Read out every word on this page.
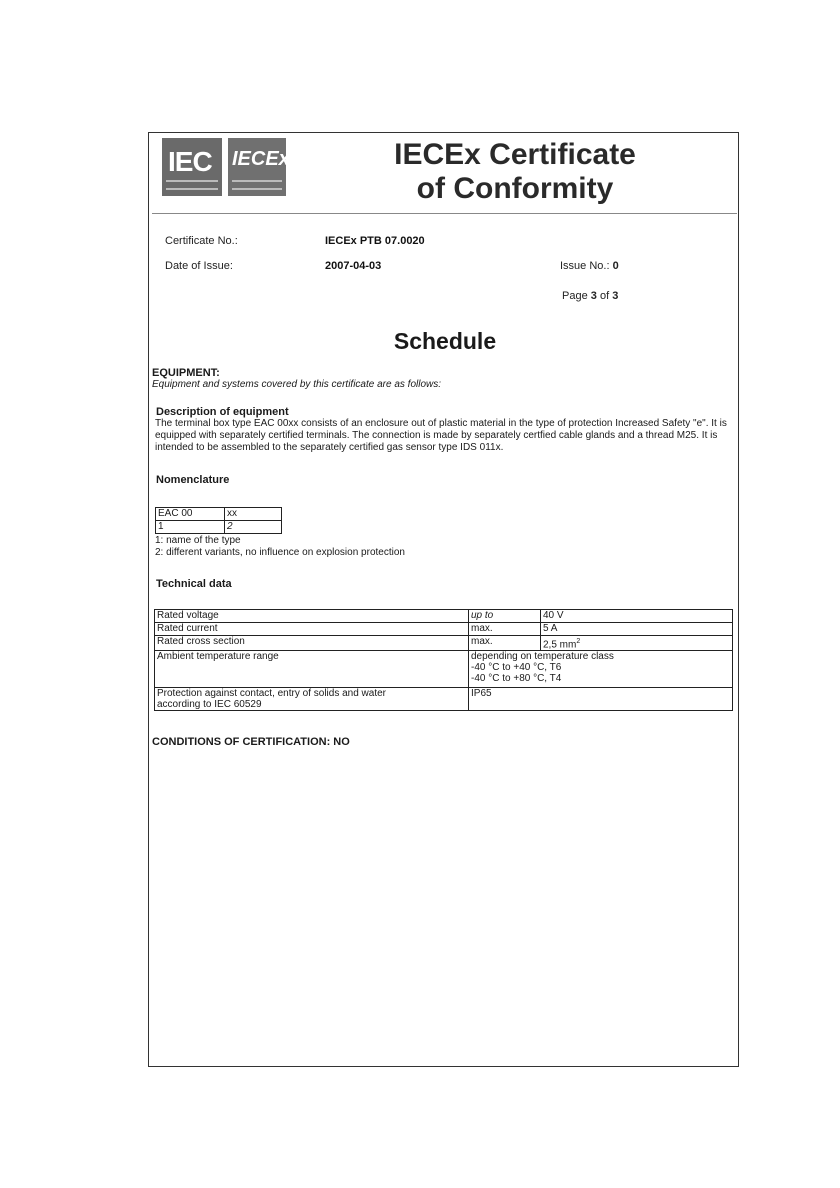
IEC IECEx	IECEx Certificate
of Conformity
Certificate No.:	IECEx PTB 07.0020
Date of Issue:	2007-04-03	Issue No.: 0
Page 3 of 3
Schedule
EQUIPMENT:
Equipment and systems covered by this certificate are as follows:
Description of equipment
The terminal box type EAC 00xx consists of an enclosure out of plastic material in the type of protection Increased Safety "e". It is equipped with separately certified terminals. The connection is made by separately certfied cable glands and a thread M25. It is intended to be assembled to the separately certified gas sensor type IDS 011x.
Nomenclature
EAC 00	xx
1	2
1: name of the type
2: different variants, no influence on explosion protection
Technical data
Rated voltage	up to	40 V
Rated current	max.	5 A
Rated cross section	max.	2,5 $mm^2$
Ambient temperature range	depending on temperature class
-40 °C to +40 °C, T6
-40 °C to +80 °C, T4	

Protection against contact, entry of solids and water
according to IEC 60529	IP65	
CONDITIONS OF CERTIFICATION: NO
